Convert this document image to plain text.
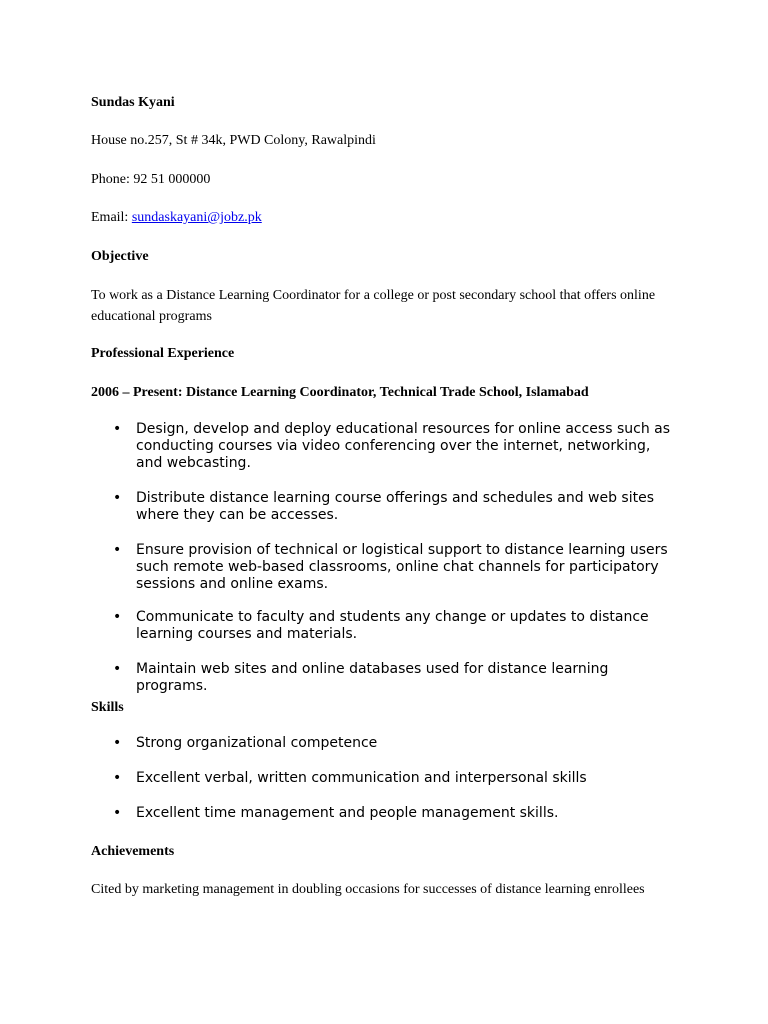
Sundas Kyani
House no.257, St # 34k, PWD Colony, Rawalpindi
Phone: 92 51 000000
Email: sundaskayani@jobz.pk
Objective
To work as a Distance Learning Coordinator for a college or post secondary school that offers online educational programs
Professional Experience
2006 – Present: Distance Learning Coordinator, Technical Trade School, Islamabad
• Design, develop and deploy educational resources for online access such as conducting courses via video conferencing over the internet, networking, and webcasting.
• Distribute distance learning course offerings and schedules and web sites where they can be accesses.
• Ensure provision of technical or logistical support to distance learning users such remote web-based classrooms, online chat channels for participatory sessions and online exams.
• Communicate to faculty and students any change or updates to distance learning courses and materials.
• Maintain web sites and online databases used for distance learning programs.
Skills
• Strong organizational competence
• Excellent verbal, written communication and interpersonal skills
• Excellent time management and people management skills.
Achievements
Cited by marketing management in doubling occasions for successes of distance learning enrollees
